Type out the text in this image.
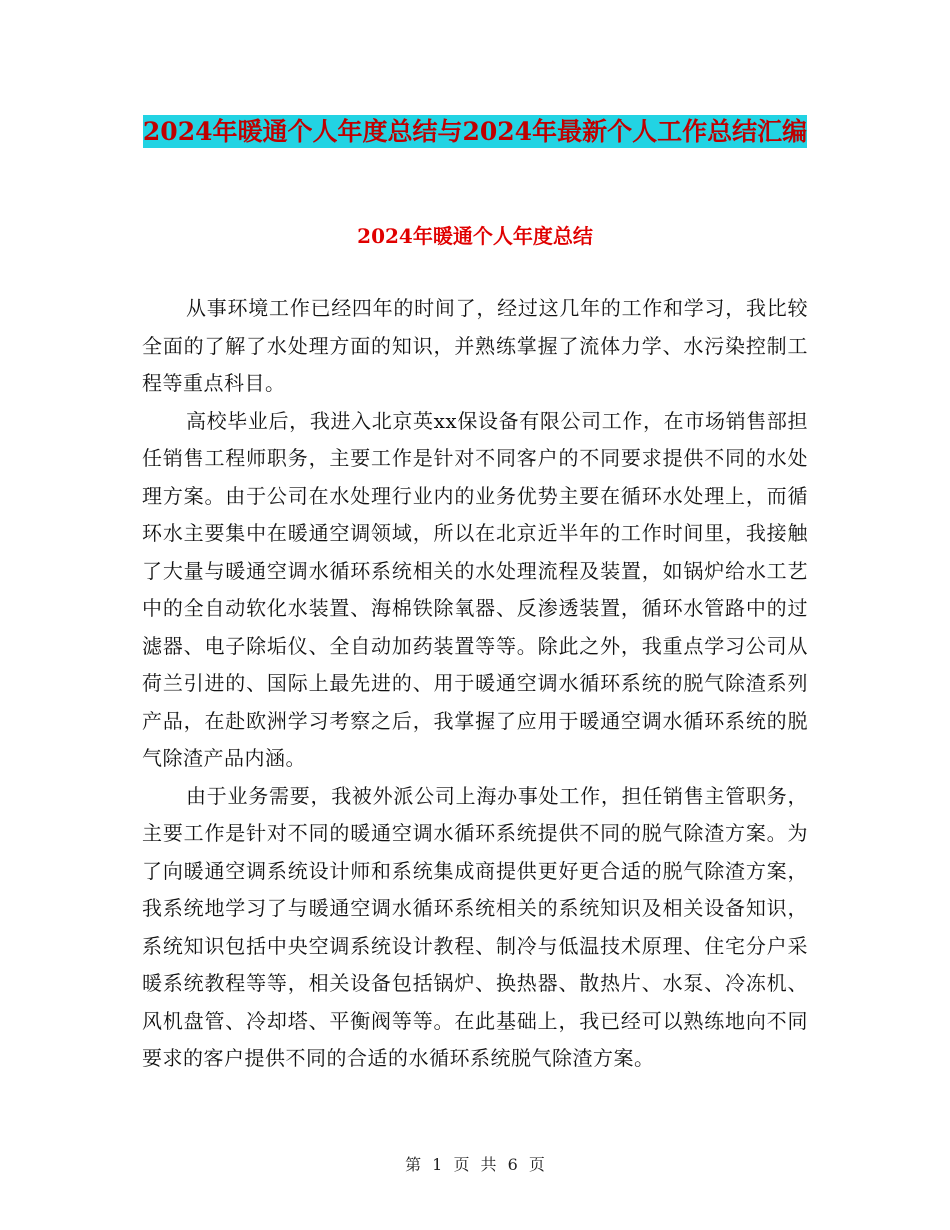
2024年暖通个人年度总结与2024年最新个人工作总结汇编
2024年暖通个人年度总结

从事环境工作已经四年的时间了，经过这几年的工作和学习，我比较全面的了解了水处理方面的知识，并熟练掌握了流体力学、水污染控制工程等重点科目。

高校毕业后，我进入北京英xx保设备有限公司工作，在市场销售部担任销售工程师职务，主要工作是针对不同客户的不同要求提供不同的水处理方案。由于公司在水处理行业内的业务优势主要在循环水处理上，而循环水主要集中在暖通空调领域，所以在北京近半年的工作时间里，我接触了大量与暖通空调水循环系统相关的水处理流程及装置，如锅炉给水工艺中的全自动软化水装置、海棉铁除氧器、反渗透装置，循环水管路中的过滤器、电子除垢仪、全自动加药装置等等。除此之外，我重点学习公司从荷兰引进的、国际上最先进的、用于暖通空调水循环系统的脱气除渣系列产品，在赴欧洲学习考察之后，我掌握了应用于暖通空调水循环系统的脱气除渣产品内涵。

由于业务需要，我被外派公司上海办事处工作，担任销售主管职务，主要工作是针对不同的暖通空调水循环系统提供不同的脱气除渣方案。为了向暖通空调系统设计师和系统集成商提供更好更合适的脱气除渣方案，我系统地学习了与暖通空调水循环系统相关的系统知识及相关设备知识，系统知识包括中央空调系统设计教程、制冷与低温技术原理、住宅分户采暖系统教程等等，相关设备包括锅炉、换热器、散热片、水泵、冷冻机、风机盘管、冷却塔、平衡阀等等。在此基础上，我已经可以熟练地向不同要求的客户提供不同的合适的水循环系统脱气除渣方案。

第 1 页 共 6 页
